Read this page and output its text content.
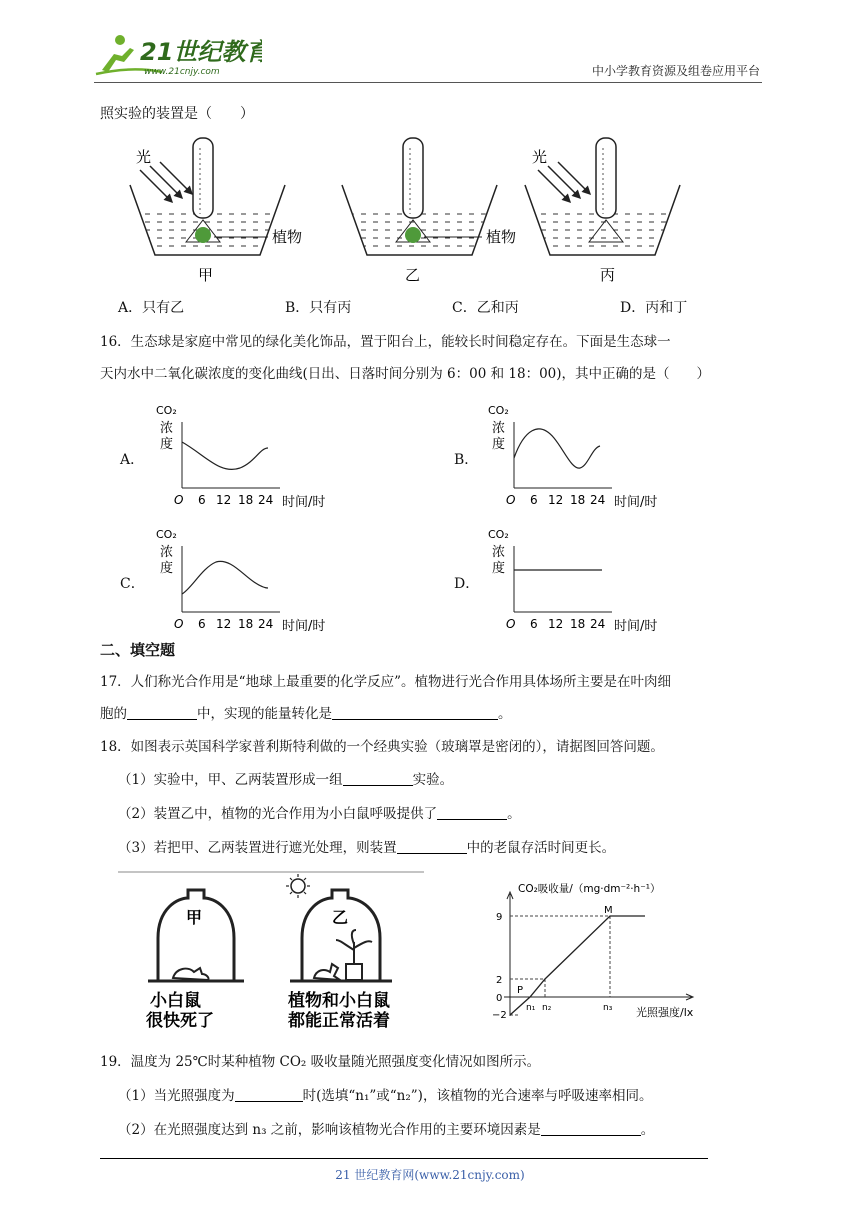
21世纪教育
www.21cnjy.com	中小学教育资源及组卷应用平台
照实验的装置是（　　）
光
植物
甲
植物
乙
光
丙
A．只有乙	B．只有丙	C．乙和丙	D．丙和丁
16．生态球是家庭中常见的绿化美化饰品，置于阳台上，能较长时间稳定存在。下面是生态球一
天内水中二氧化碳浓度的变化曲线(日出、日落时间分别为 6：00 和 18：00)，其中正确的是（　　）
A．	B．
C．	D．
CO₂
浓
度
O 6 12 18 24 时间/时
CO₂
浓
度
O 6 12 18 24 时间/时
CO₂
浓
度
O 6 12 18 24 时间/时
CO₂
浓
度
O 6 12 18 24 时间/时
二、填空题
17．人们称光合作用是“地球上最重要的化学反应”。植物进行光合作用具体场所主要是在叶肉细
胞的	中，实现的能量转化是	。
18．如图表示英国科学家普利斯特利做的一个经典实验（玻璃罩是密闭的），请据图回答问题。
（1）实验中，甲、乙两装置形成一组	实验。
（2）装置乙中，植物的光合作用为小白鼠呼吸提供了	。
（3）若把甲、乙两装置进行遮光处理，则装置	中的老鼠存活时间更长。
甲	乙
小白鼠
很快死了
植物和小白鼠
都能正常活着
CO₂吸收量/（mg·dm⁻²·h⁻¹）
9
2
0
−2
M
P
n₁ n₂	n₃ 光照强度/lx
19．温度为 25℃时某种植物 CO₂ 吸收量随光照强度变化情况如图所示。
（1）当光照强度为	时(选填“n₁”或“n₂”)，该植物的光合速率与呼吸速率相同。
（2）在光照强度达到 n₃ 之前，影响该植物光合作用的主要环境因素是	。
21 世纪教育网(www.21cnjy.com)
